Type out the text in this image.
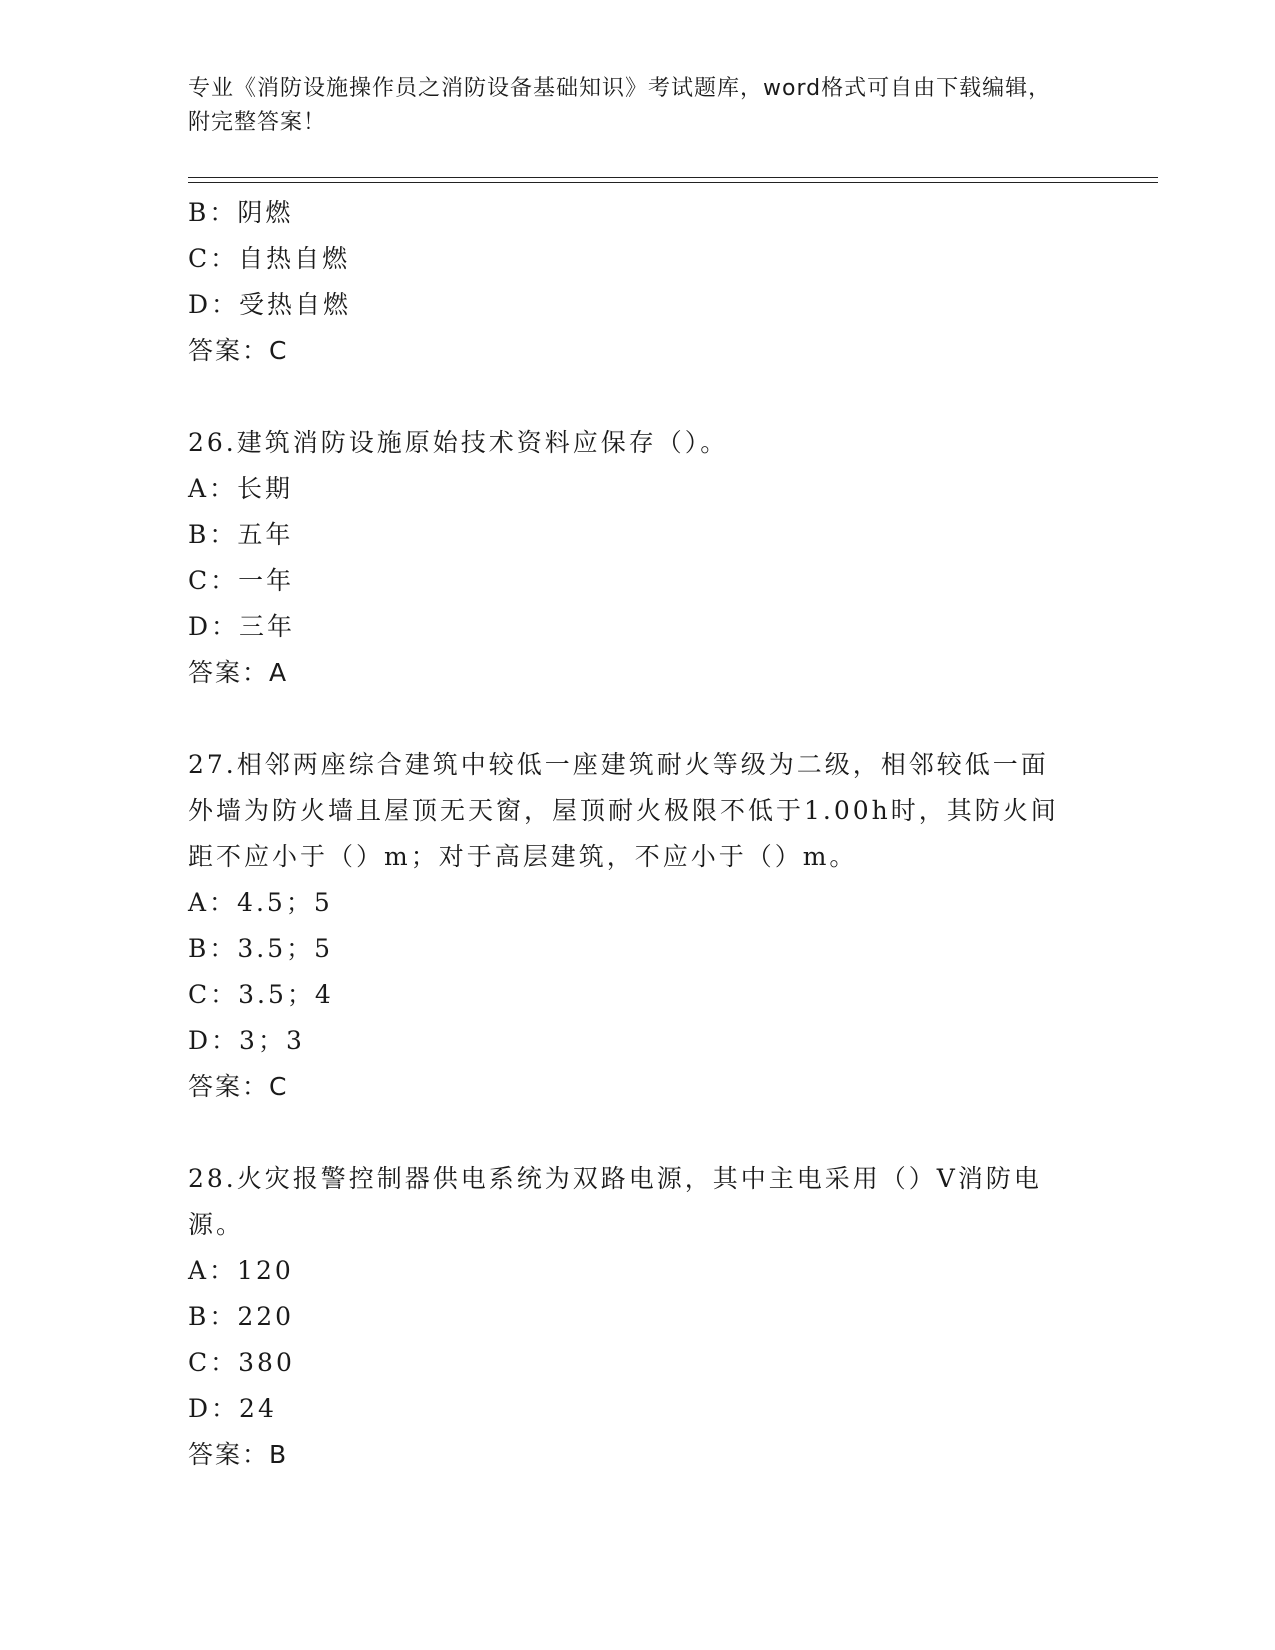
专业《消防设施操作员之消防设备基础知识》考试题库，word格式可自由下载编辑，附完整答案！
B：阴燃
C：自热自燃
D：受热自燃
答案：C
26.建筑消防设施原始技术资料应保存（）。
A：长期
B：五年
C：一年
D：三年
答案：A
27.相邻两座综合建筑中较低一座建筑耐火等级为二级，相邻较低一面外墙为防火墙且屋顶无天窗，屋顶耐火极限不低于1.00h时，其防火间距不应小于（）m；对于高层建筑，不应小于（）m。
A：4.5；5
B：3.5；5
C：3.5；4
D：3；3
答案：C
28.火灾报警控制器供电系统为双路电源，其中主电采用（）V消防电源。
A：120
B：220
C：380
D：24
答案：B
